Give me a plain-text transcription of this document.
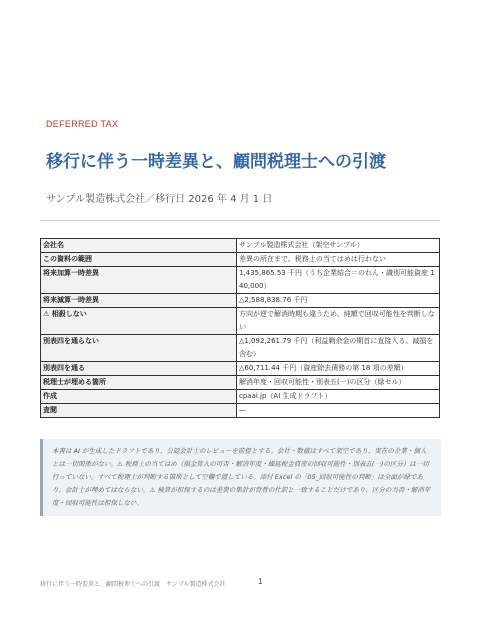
DEFERRED TAX
移行に伴う一時差異と、顧問税理士への引渡
サンプル製造株式会社／移行日 2026 年 4 月 1 日
会社名	サンプル製造株式会社（架空サンプル）
この資料の範囲	差異の所在まで。税務上の当てはめは行わない
将来加算一時差異	1,435,865.53 千円（うち企業結合＝のれん・識別可能資産 140,000）
将来減算一時差異	△2,588,838.76 千円
⚠ 相殺しない	方向が逆で解消時期も違うため、純額で回収可能性を判断しない
別表四を通らない	△1,092,261.79 千円（利益剰余金の期首に直接入る。減損を含む）
別表四を通る	△60,711.44 千円（資産除去債務の第 18 項の差額）
税理士が埋める箇所	解消年度・回収可能性・別表五(一)の区分（緑セル）
作成	cpaai.jp（AI 生成ドラフト）
査閲	—
本書は AI が生成したドラフトであり、公認会計士のレビューを前提とする。会社・数値はすべて架空であり、実在の企業・個人とは一切関係がない。⚠ 税務上の当てはめ（損金算入の可否・解消年度・繰延税金資産の回収可能性・別表五(一)の区分）は一切行っていない。すべて税理士が判断する箇所として空欄で渡している。添付 Excel の「05_回収可能性の判断」は全面が緑であり、会計士が埋めてはならない。⚠ 検算が担保するのは差異の集計が背骨の仕訳と一致することだけであり、区分の当否・解消年度・回収可能性は担保しない。
移行に伴う一時差異と、顧問税理士への引渡　サンプル製造株式会社	1
